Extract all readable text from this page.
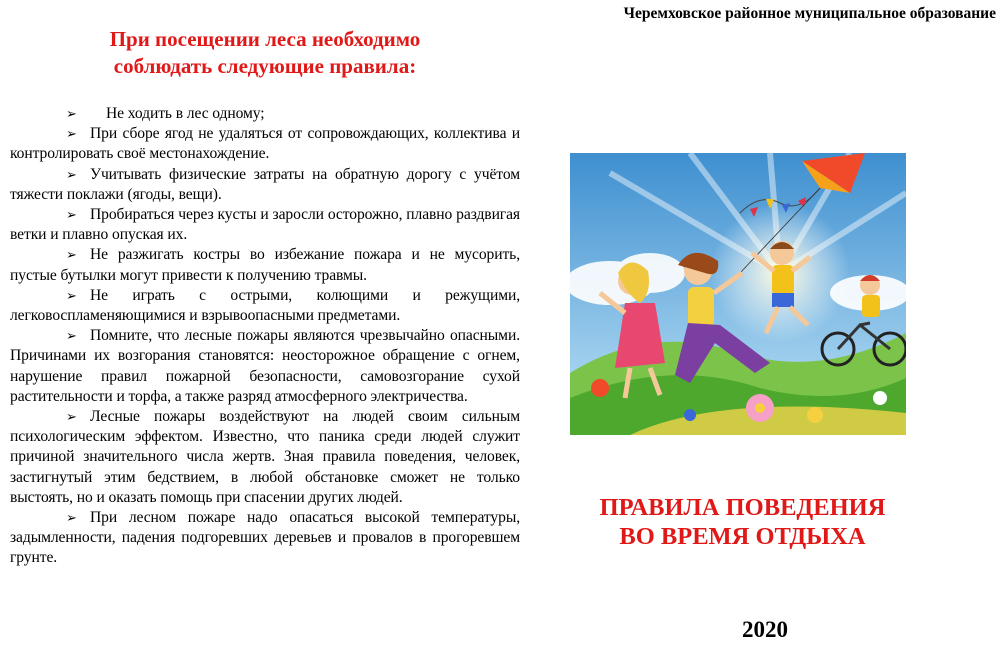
Черемховское районное муниципальное образование
При посещении леса необходимо
соблюдать следующие правила:

➢ Не ходить в лес одному;

➢ При сборе ягод не удаляться от сопровождающих, коллектива и контролировать своё местонахождение.

➢ Учитывать физические затраты на обратную дорогу с учётом тяжести поклажи (ягоды, вещи).

➢ Пробираться через кусты и заросли осторожно, плавно раздвигая ветки и плавно опуская их.

➢ Не разжигать костры во избежание пожара и не мусорить, пустые бутылки могут привести к получению травмы.

➢ Не играть с острыми, колющими и режущими, легковоспламеняющимися и взрывоопасными предметами.

➢ Помните, что лесные пожары являются чрезвычайно опасными. Причинами их возгорания становятся: неосторожное обращение с огнем, нарушение правил пожарной безопасности, самовозгорание сухой растительности и торфа, а также разряд атмосферного электричества.

➢ Лесные пожары воздействуют на людей своим сильным психологическим эффектом. Известно, что паника среди людей служит причиной значительного числа жертв. Зная правила поведения, человек, застигнутый этим бедствием, в любой обстановке сможет не только выстоять, но и оказать помощь при спасении других людей.

➢ При лесном пожаре надо опасаться высокой температуры, задымленности, падения подгоревших деревьев и провалов в прогоревшем грунте.

ПРАВИЛА ПОВЕДЕНИЯ
ВО ВРЕМЯ ОТДЫХА
2020
